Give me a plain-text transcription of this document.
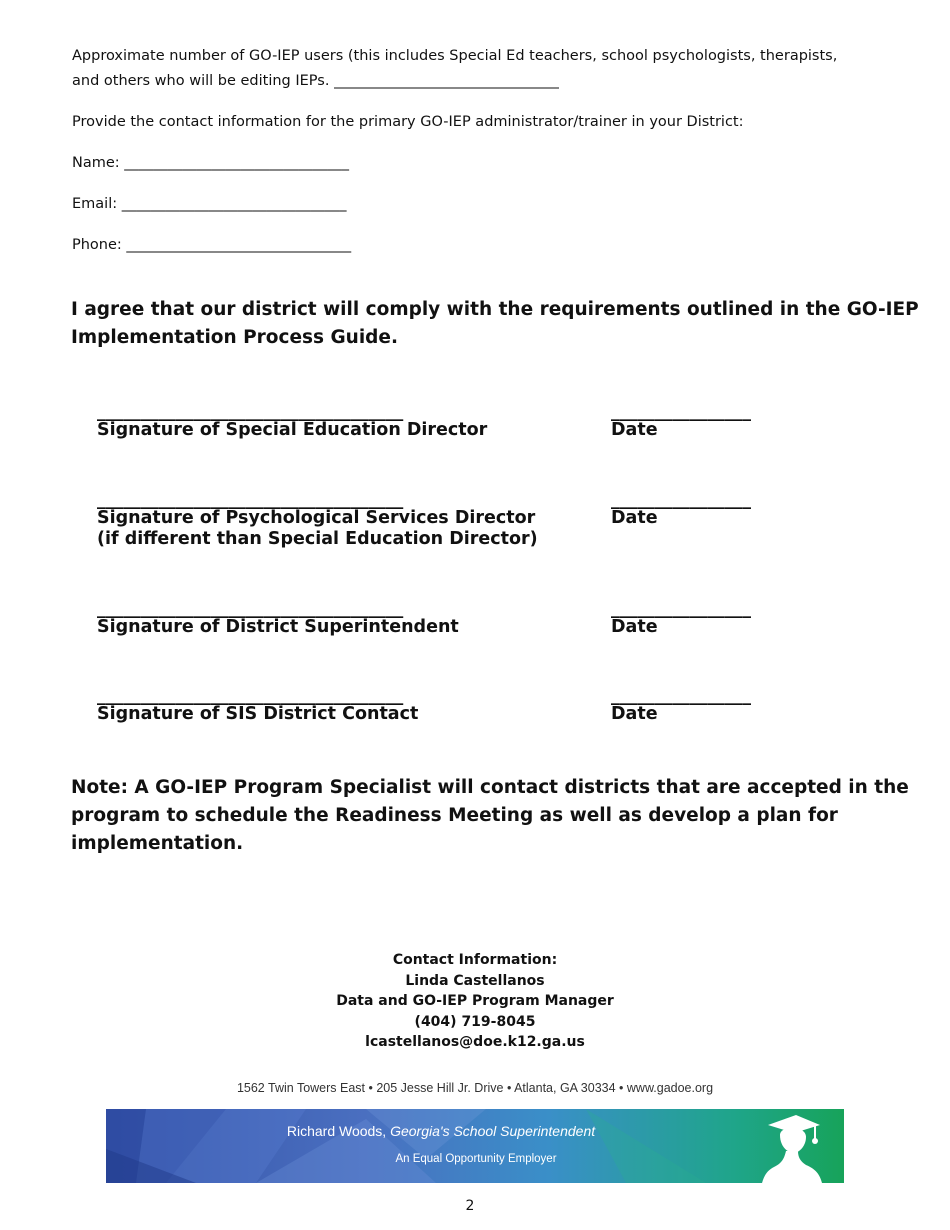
Approximate number of GO-IEP users (this includes Special Ed teachers, school psychologists, therapists,
and others who will be editing IEPs. _______________________________
Provide the contact information for the primary GO-IEP administrator/trainer in your District:
Name: _______________________________
Email: _______________________________
Phone: _______________________________
I agree that our district will comply with the requirements outlined in the GO-IEP
Implementation Process Guide.
___________________________________	________________
Signature of Special Education Director	Date
___________________________________	________________
Signature of Psychological Services Director
(if different than Special Education Director)
Date
___________________________________	________________
Signature of District Superintendent	Date
___________________________________	________________
Signature of SIS District Contact	Date
Note: A GO-IEP Program Specialist will contact districts that are accepted in the
program to schedule the Readiness Meeting as well as develop a plan for
implementation.
Contact Information:
Linda Castellanos
Data and GO-IEP Program Manager
(404) 719-8045
lcastellanos@doe.k12.ga.us
1562 Twin Towers East • 205 Jesse Hill Jr. Drive • Atlanta, GA 30334 • www.gadoe.org
Richard Woods, Georgia's School Superintendent
An Equal Opportunity Employer
2
